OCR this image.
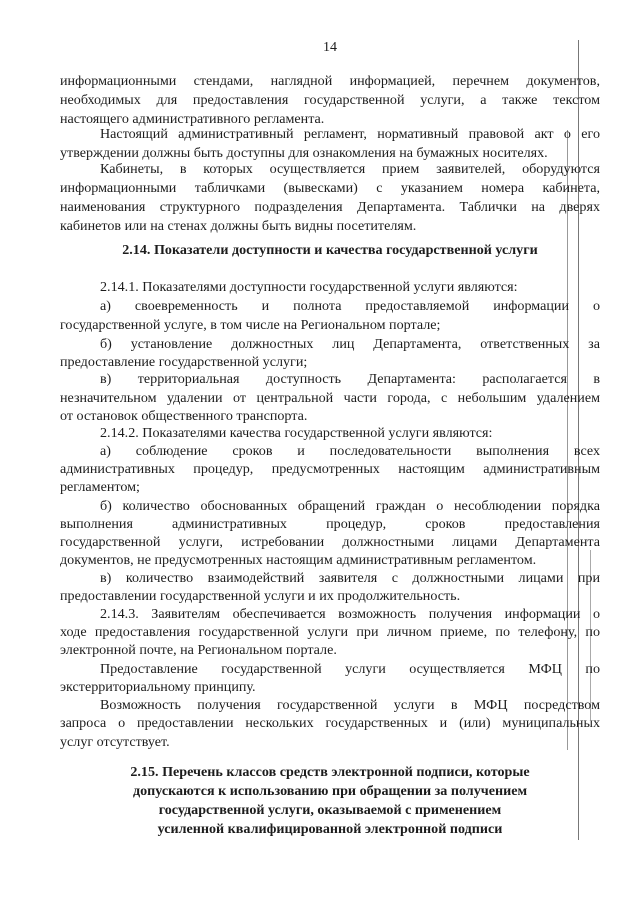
14

информационными стендами, наглядной информацией, перечнем документов,

необходимых для предоставления государственной услуги, а также текстом

настоящего административного регламента.

Настоящий административный регламент, нормативный правовой акт о его

утверждении должны быть доступны для ознакомления на бумажных носителях.

Кабинеты, в которых осуществляется прием заявителей, оборудуются

информационными табличками (вывесками) с указанием номера кабинета,

наименования структурного подразделения Департамента. Таблички на дверях

кабинетов или на стенах должны быть видны посетителям.

2.14. Показатели доступности и качества государственной услуги

2.14.1. Показателями доступности государственной услуги являются:

а) своевременность и полнота предоставляемой информации о

государственной услуге, в том числе на Региональном портале;

б) установление должностных лиц Департамента, ответственных за

предоставление государственной услуги;

в) территориальная доступность Департамента: располагается в

незначительном удалении от центральной части города, с небольшим удалением

от остановок общественного транспорта.

2.14.2. Показателями качества государственной услуги являются:

а) соблюдение сроков и последовательности выполнения всех

административных процедур, предусмотренных настоящим административным

регламентом;

б) количество обоснованных обращений граждан о несоблюдении порядка

выполнения административных процедур, сроков предоставления

государственной услуги, истребовании должностными лицами Департамента

документов, не предусмотренных настоящим административным регламентом.

в) количество взаимодействий заявителя с должностными лицами при

предоставлении государственной услуги и их продолжительность.

2.14.3. Заявителям обеспечивается возможность получения информации о

ходе предоставления государственной услуги при личном приеме, по телефону, по

электронной почте, на Региональном портале.

Предоставление государственной услуги осуществляется МФЦ по

экстерриториальному принципу.

Возможность получения государственной услуги в МФЦ посредством

запроса о предоставлении нескольких государственных и (или) муниципальных

услуг отсутствует.

2.15. Перечень классов средств электронной подписи, которые

допускаются к использованию при обращении за получением

государственной услуги, оказываемой с применением

усиленной квалифицированной электронной подписи
